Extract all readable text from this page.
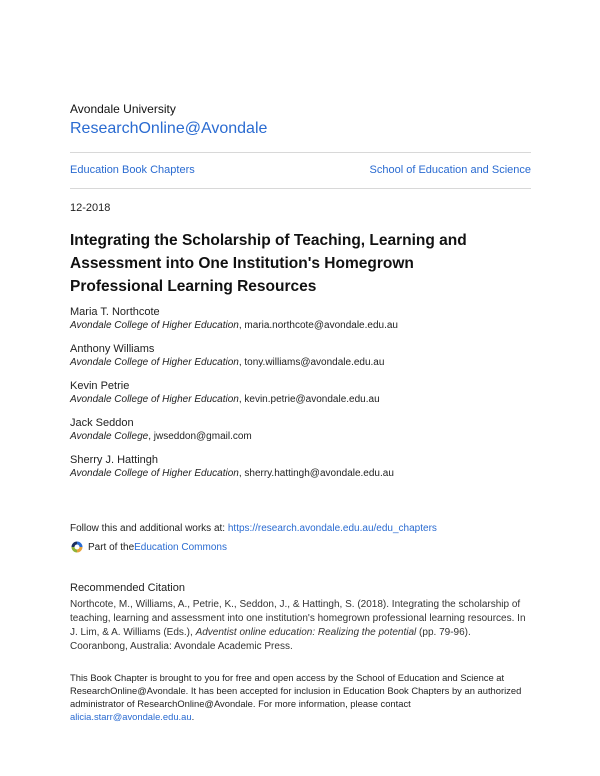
Avondale University
ResearchOnline@Avondale
Education Book Chapters	School of Education and Science
12-2018
Integrating the Scholarship of Teaching, Learning and Assessment into One Institution's Homegrown Professional Learning Resources
Maria T. Northcote
Avondale College of Higher Education, maria.northcote@avondale.edu.au
Anthony Williams
Avondale College of Higher Education, tony.williams@avondale.edu.au
Kevin Petrie
Avondale College of Higher Education, kevin.petrie@avondale.edu.au
Jack Seddon
Avondale College, jwseddon@gmail.com
Sherry J. Hattingh
Avondale College of Higher Education, sherry.hattingh@avondale.edu.au
Follow this and additional works at: https://research.avondale.edu.au/edu_chapters
Part of the Education Commons
Recommended Citation
Northcote, M., Williams, A., Petrie, K., Seddon, J., & Hattingh, S. (2018). Integrating the scholarship of teaching, learning and assessment into one institution's homegrown professional learning resources. In J. Lim, & A. Williams (Eds.), Adventist online education: Realizing the potential (pp. 79-96). Cooranbong, Australia: Avondale Academic Press.
This Book Chapter is brought to you for free and open access by the School of Education and Science at ResearchOnline@Avondale. It has been accepted for inclusion in Education Book Chapters by an authorized administrator of ResearchOnline@Avondale. For more information, please contact alicia.starr@avondale.edu.au.
